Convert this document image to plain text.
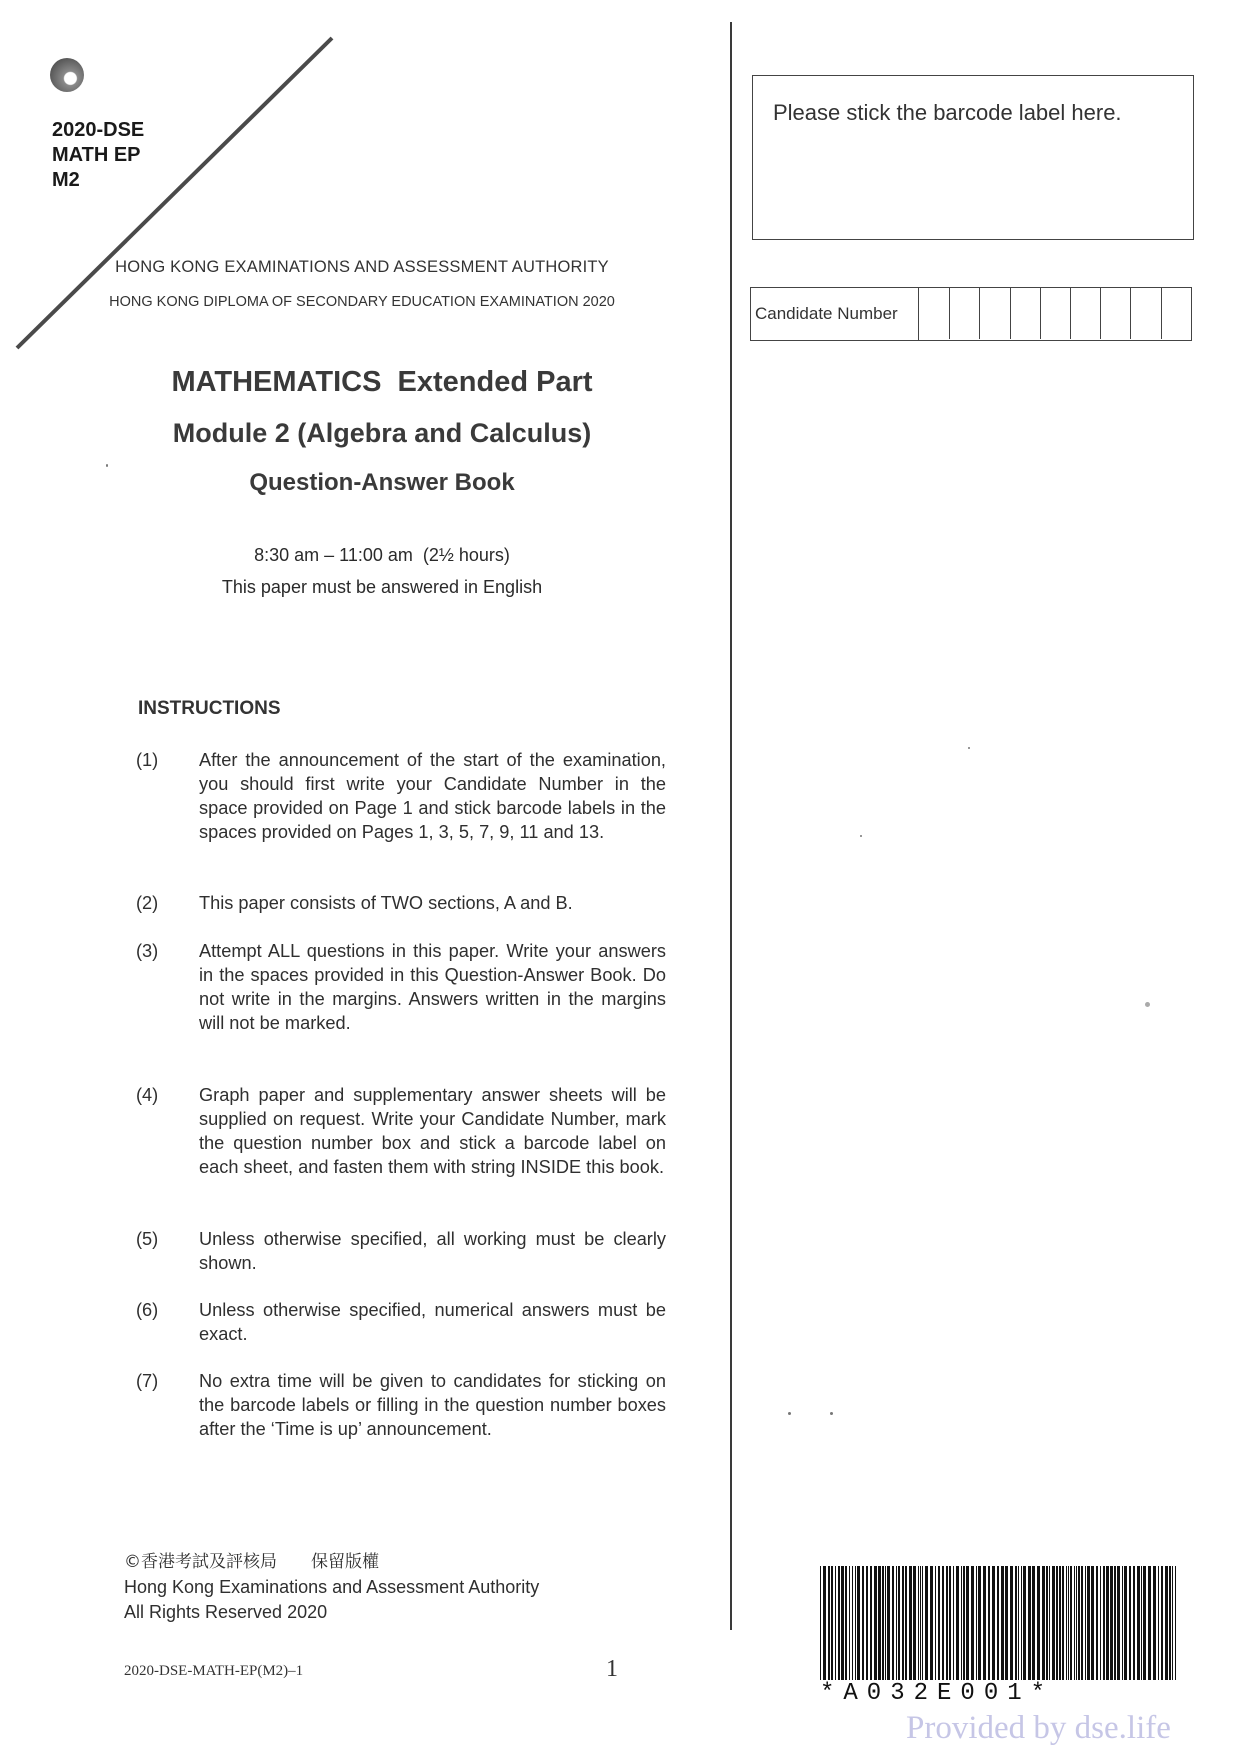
2020-DSE
MATH EP
M2
HONG KONG EXAMINATIONS AND ASSESSMENT AUTHORITY
HONG KONG DIPLOMA OF SECONDARY EDUCATION EXAMINATION 2020
MATHEMATICS  Extended Part
Module 2 (Algebra and Calculus)
Question-Answer Book
8:30 am – 11:00 am  (2½ hours)
This paper must be answered in English
INSTRUCTIONS
(1)	After the announcement of the start of the examination, you should first write your Candidate Number in the space provided on Page 1 and stick barcode labels in the spaces provided on Pages 1, 3, 5, 7, 9, 11 and 13.
(2)	This paper consists of TWO sections, A and B.
(3)	Attempt ALL questions in this paper. Write your answers in the spaces provided in this Question-Answer Book. Do not write in the margins. Answers written in the margins will not be marked.
(4)	Graph paper and supplementary answer sheets will be supplied on request. Write your Candidate Number, mark the question number box and stick a barcode label on each sheet, and fasten them with string INSIDE this book.
(5)	Unless otherwise specified, all working must be clearly shown.
(6)	Unless otherwise specified, numerical answers must be exact.
(7)	No extra time will be given to candidates for sticking on the barcode labels or filling in the question number boxes after the ‘Time is up’ announcement.
©香港考試及評核局　　保留版權
Hong Kong Examinations and Assessment Authority
All Rights Reserved 2020
2020-DSE-MATH-EP(M2)–1	1
Please stick the barcode label here.
Candidate Number
*A032E001*
Provided by dse.life
